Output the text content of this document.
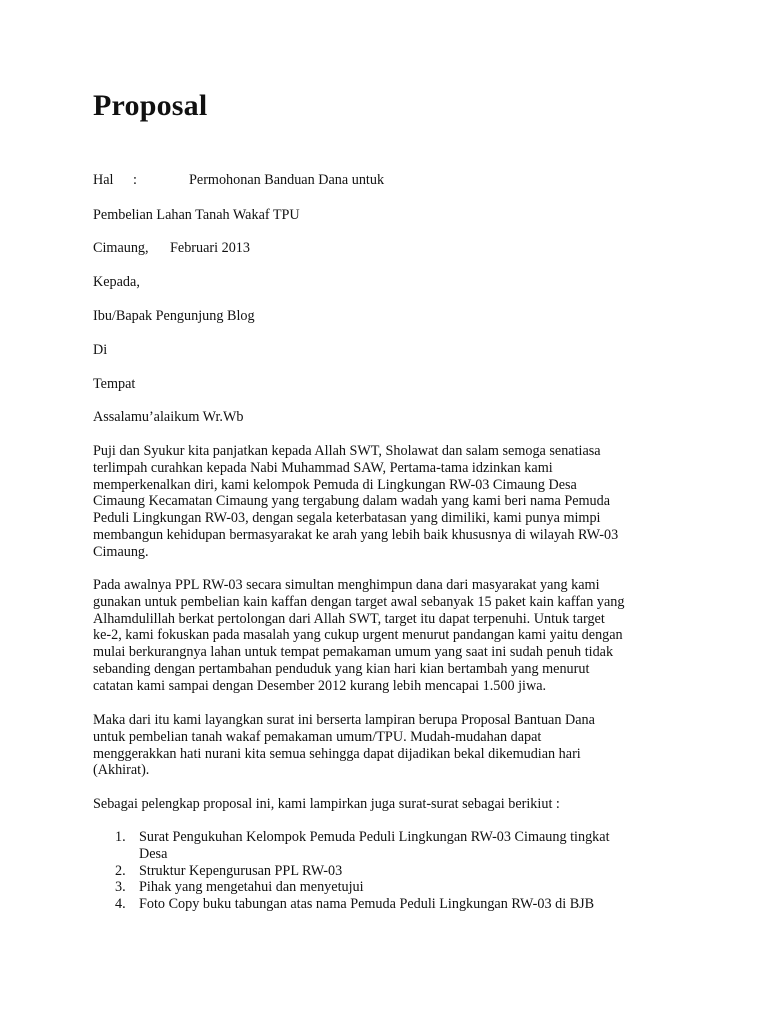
Proposal
Hal :	Permohonan Banduan Dana untuk
Pembelian Lahan Tanah Wakaf TPU
Cimaung, Februari 2013
Kepada,
Ibu/Bapak Pengunjung Blog
Di
Tempat
Assalamu’alaikum Wr.Wb
Puji dan Syukur kita panjatkan kepada Allah SWT, Sholawat dan salam semoga senatiasa
terlimpah curahkan kepada Nabi Muhammad SAW, Pertama-tama idzinkan kami
memperkenalkan diri, kami kelompok Pemuda di Lingkungan RW-03 Cimaung Desa
Cimaung Kecamatan Cimaung yang tergabung dalam wadah yang kami beri nama Pemuda
Peduli Lingkungan RW-03, dengan segala keterbatasan yang dimiliki, kami punya mimpi
membangun kehidupan bermasyarakat ke arah yang lebih baik khususnya di wilayah RW-03
Cimaung.
Pada awalnya PPL RW-03 secara simultan menghimpun dana dari masyarakat yang kami
gunakan untuk pembelian kain kaffan dengan target awal sebanyak 15 paket kain kaffan yang
Alhamdulillah berkat pertolongan dari Allah SWT, target itu dapat terpenuhi. Untuk target
ke-2, kami fokuskan pada masalah yang cukup urgent menurut pandangan kami yaitu dengan
mulai berkurangnya lahan untuk tempat pemakaman umum yang saat ini sudah penuh tidak
sebanding dengan pertambahan penduduk yang kian hari kian bertambah yang menurut
catatan kami sampai dengan Desember 2012 kurang lebih mencapai 1.500 jiwa.
Maka dari itu kami layangkan surat ini berserta lampiran berupa Proposal Bantuan Dana
untuk pembelian tanah wakaf pemakaman umum/TPU. Mudah-mudahan dapat
menggerakkan hati nurani kita semua sehingga dapat dijadikan bekal dikemudian hari
(Akhirat).
Sebagai pelengkap proposal ini, kami lampirkan juga surat-surat sebagai berikiut :
1. Surat Pengukuhan Kelompok Pemuda Peduli Lingkungan RW-03 Cimaung tingkat
Desa
2. Struktur Kepengurusan PPL RW-03
3. Pihak yang mengetahui dan menyetujui
4. Foto Copy buku tabungan atas nama Pemuda Peduli Lingkungan RW-03 di BJB
